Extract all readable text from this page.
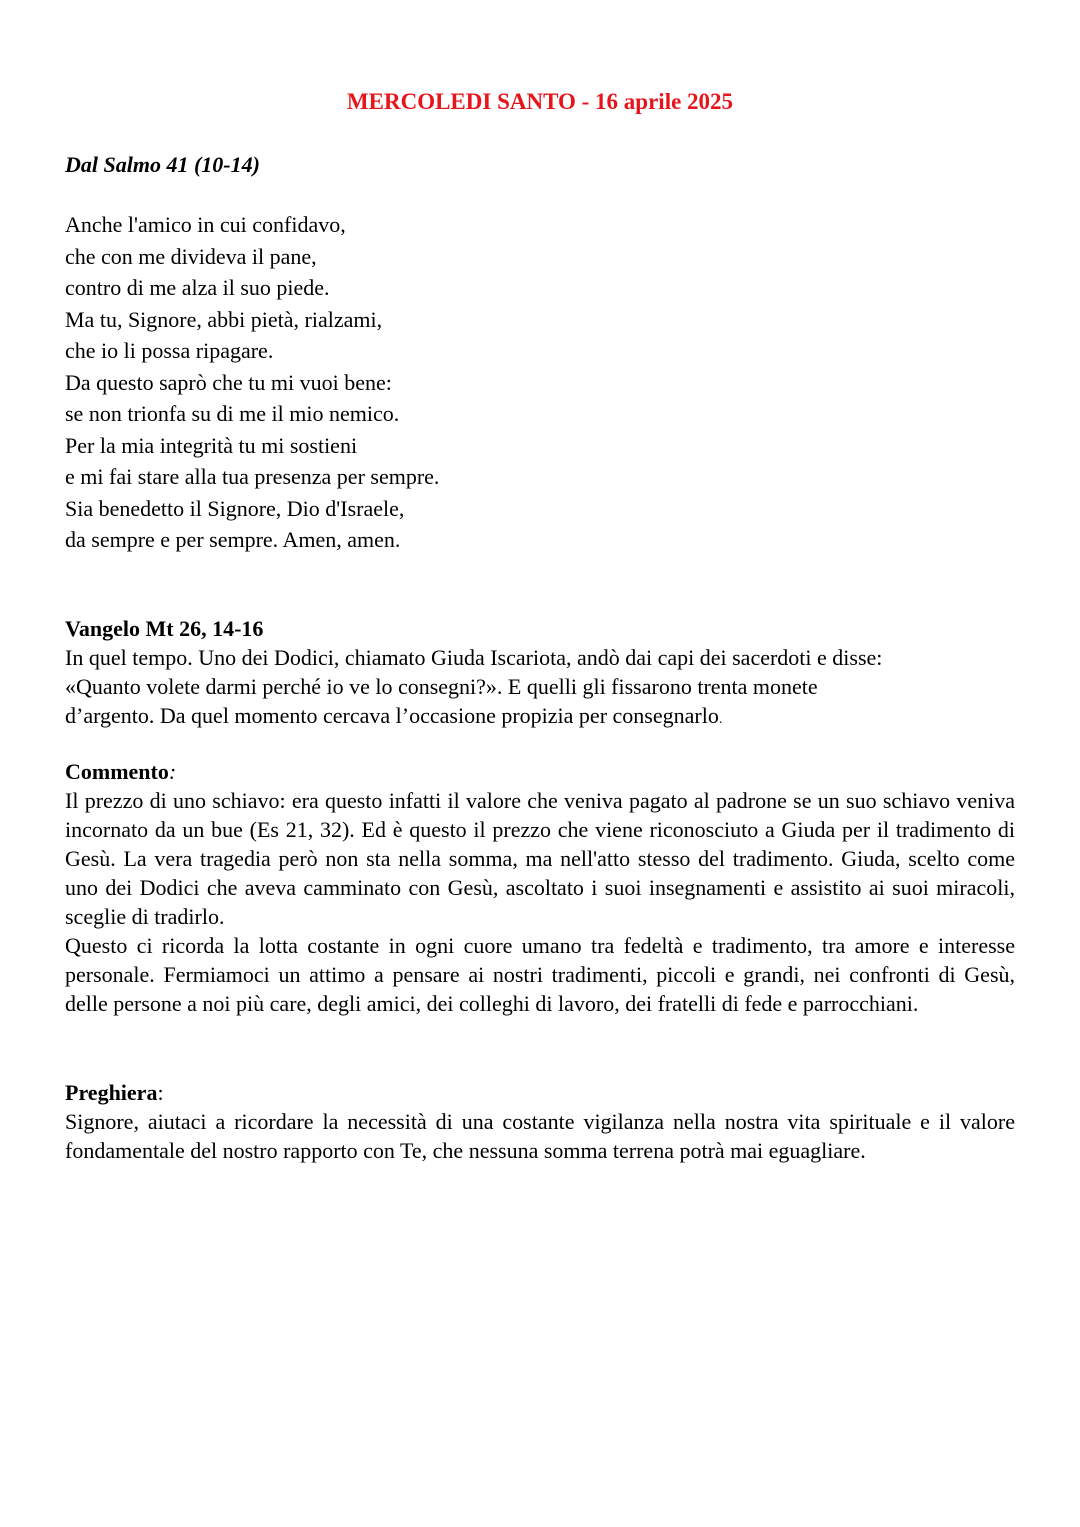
MERCOLEDI SANTO - 16 aprile 2025
Dal Salmo 41 (10-14)
Anche l'amico in cui confidavo,
che con me divideva il pane,
contro di me alza il suo piede.
Ma tu, Signore, abbi pietà, rialzami,
che io li possa ripagare.
Da questo saprò che tu mi vuoi bene:
se non trionfa su di me il mio nemico.
Per la mia integrità tu mi sostieni
e mi fai stare alla tua presenza per sempre.
Sia benedetto il Signore, Dio d'Israele,
da sempre e per sempre. Amen, amen.
Vangelo Mt 26, 14-16
In quel tempo. Uno dei Dodici, chiamato Giuda Iscariota, andò dai capi dei sacerdoti e disse:
«Quanto volete darmi perché io ve lo consegni?». E quelli gli fissarono trenta monete
d’argento. Da quel momento cercava l’occasione propizia per consegnarlo.
Commento:
Il prezzo di uno schiavo: era questo infatti il valore che veniva pagato al padrone se un suo schiavo veniva incornato da un bue (Es 21, 32). Ed è questo il prezzo che viene riconosciuto a Giuda per il tradimento di Gesù. La vera tragedia però non sta nella somma, ma nell'atto stesso del tradimento. Giuda, scelto come uno dei Dodici che aveva camminato con Gesù, ascoltato i suoi insegnamenti e assistito ai suoi miracoli, sceglie di tradirlo.
Questo ci ricorda la lotta costante in ogni cuore umano tra fedeltà e tradimento, tra amore e interesse personale. Fermiamoci un attimo a pensare ai nostri tradimenti, piccoli e grandi, nei confronti di Gesù, delle persone a noi più care, degli amici, dei colleghi di lavoro, dei fratelli di fede e parrocchiani.
Preghiera:
Signore, aiutaci a ricordare la necessità di una costante vigilanza nella nostra vita spirituale e il valore fondamentale del nostro rapporto con Te, che nessuna somma terrena potrà mai eguagliare.
